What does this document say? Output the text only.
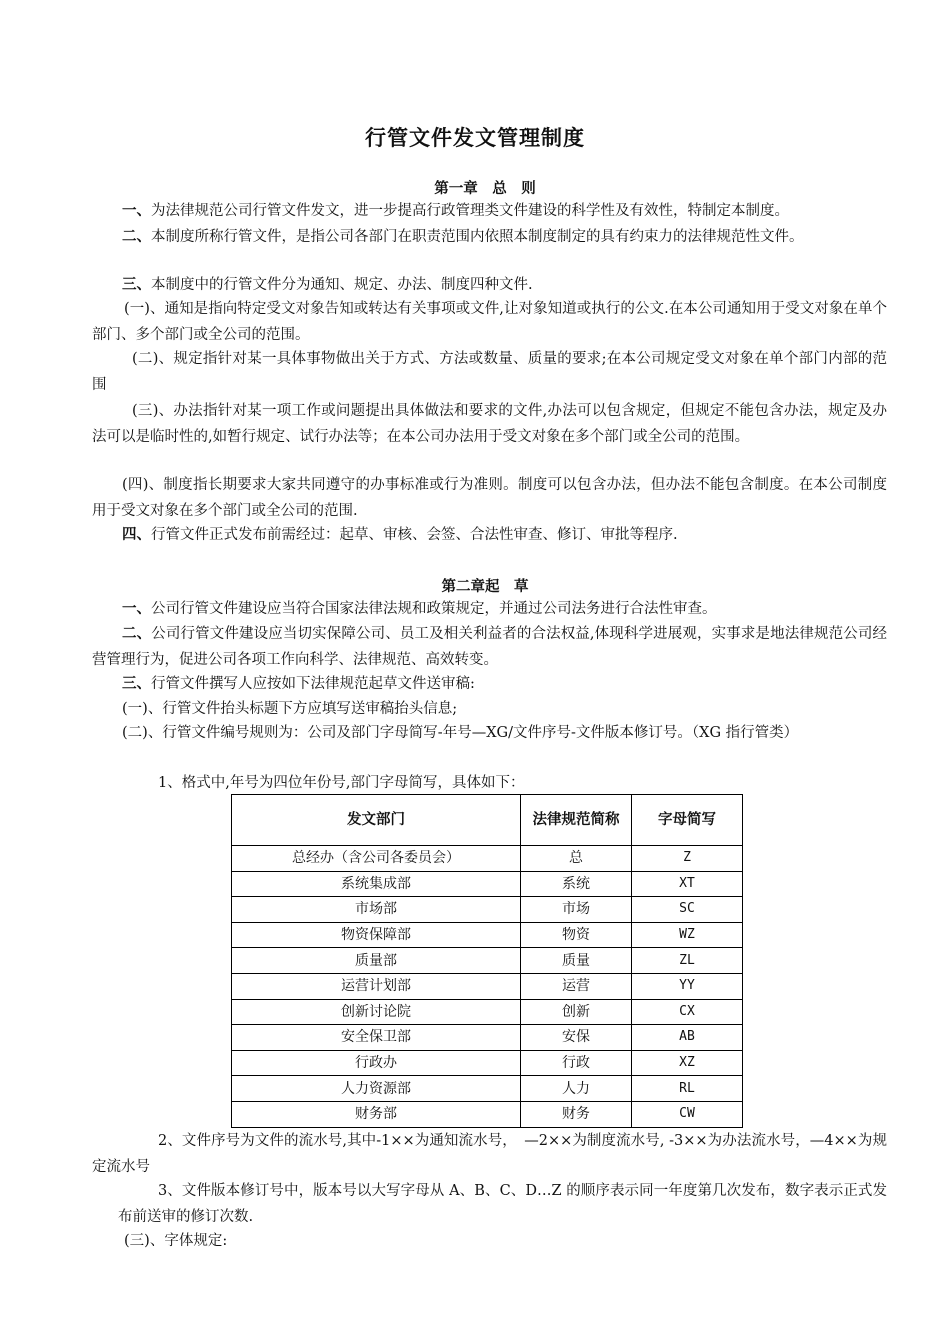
行管文件发文管理制度
第一章　总　则

一、为法律规范公司行管文件发文，进一步提高行政管理类文件建设的科学性及有效性，特制定本制度。

二、本制度所称行管文件，是指公司各部门在职责范围内依照本制度制定的具有约束力的法律规范性文件。

三、本制度中的行管文件分为通知、规定、办法、制度四种文件.

(一)、通知是指向特定受文对象告知或转达有关事项或文件,让对象知道或执行的公文.在本公司通知用于受文对象在单个部门、多个部门或全公司的范围。

(二)、规定指针对某一具体事物做出关于方式、方法或数量、质量的要求;在本公司规定受文对象在单个部门内部的范围

(三)、办法指针对某一项工作或问题提出具体做法和要求的文件,办法可以包含规定，但规定不能包含办法，规定及办法可以是临时性的,如暂行规定、试行办法等；在本公司办法用于受文对象在多个部门或全公司的范围。

(四)、制度指长期要求大家共同遵守的办事标准或行为准则。制度可以包含办法，但办法不能包含制度。在本公司制度用于受文对象在多个部门或全公司的范围.

四、行管文件正式发布前需经过：起草、审核、会签、合法性审查、修订、审批等程序.

第二章起　草

一、公司行管文件建设应当符合国家法律法规和政策规定，并通过公司法务进行合法性审查。

二、公司行管文件建设应当切实保障公司、员工及相关利益者的合法权益,体现科学进展观，实事求是地法律规范公司经营管理行为，促进公司各项工作向科学、法律规范、高效转变。

三、行管文件撰写人应按如下法律规范起草文件送审稿:

(一)、行管文件抬头标题下方应填写送审稿抬头信息;

(二)、行管文件编号规则为：公司及部门字母简写-年号—XG/文件序号-文件版本修订号。（XG 指行管类）

1、格式中,年号为四位年份号,部门字母简写，具体如下：

发文部门	法律规范简称	字母简写
总经办（含公司各委员会）	总	Z
系统集成部	系统	XT
市场部	市场	SC
物资保障部	物资	WZ
质量部	质量	ZL
运营计划部	运营	YY
创新讨论院	创新	CX
安全保卫部	安保	AB
行政办	行政	XZ
人力资源部	人力	RL
财务部	财务	CW

2、文件序号为文件的流水号,其中-1××为通知流水号，　—2××为制度流水号, -3××为办法流水号，—4××为规定流水号

3、文件版本修订号中，版本号以大写字母从 A、B、C、D…Z 的顺序表示同一年度第几次发布，数字表示正式发布前送审的修订次数.

(三)、字体规定:
